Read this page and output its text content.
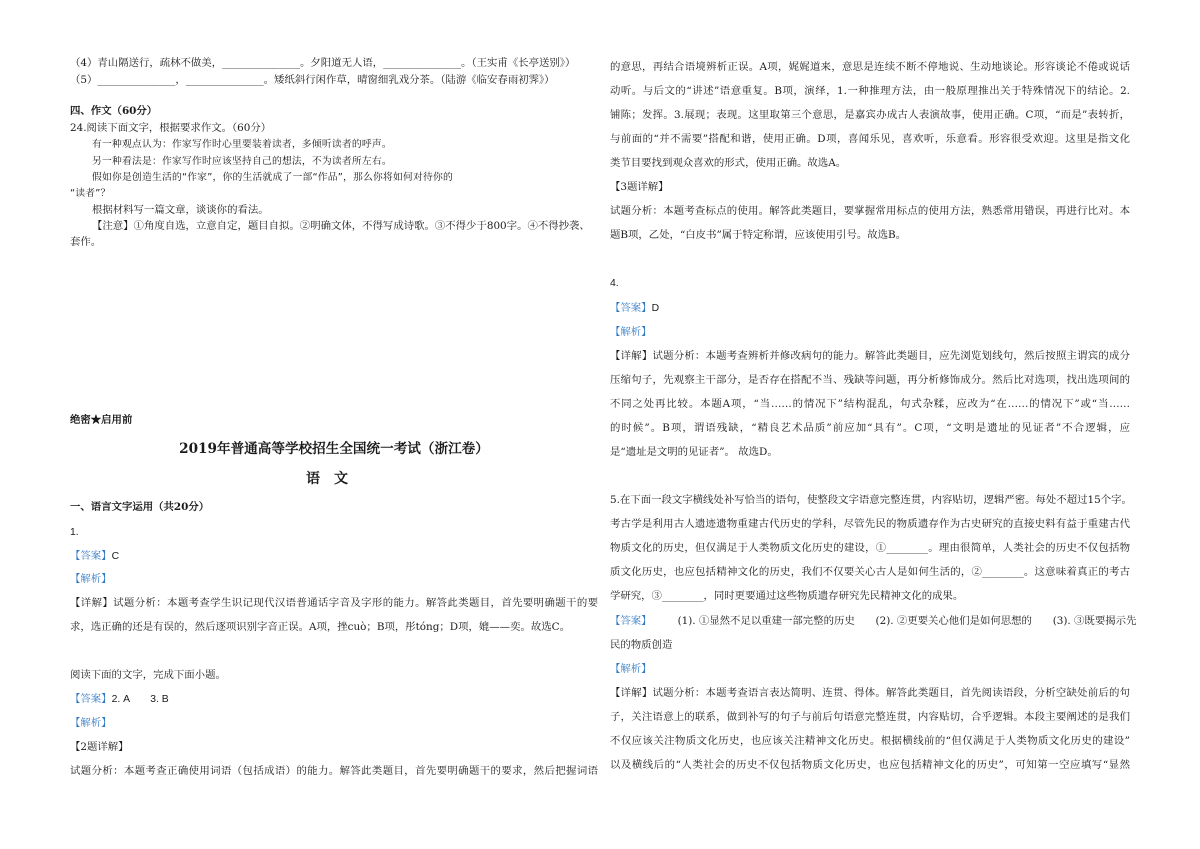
（4）青山隔送行，疏林不做美，_______________。夕阳道无人语，_______________。（王实甫《长亭送别》）
（5）_______________，_______________。矮纸斜行闲作草，晴窗细乳戏分茶。（陆游《临安春雨初霁》）
四、作文（60分）
24.阅读下面文字，根据要求作文。（60分）
有一种观点认为：作家写作时心里要装着读者，多倾听读者的呼声。
另一种看法是：作家写作时应该坚持自己的想法，不为读者所左右。
假如你是创造生活的“作家”，你的生活就成了一部“作品”，那么你将如何对待你的
“读者”？
根据材料写一篇文章，谈谈你的看法。
【注意】①角度自选，立意自定，题目自拟。②明确文体，不得写成诗歌。③不得少于800字。④不得抄袭、
套作。
绝密★启用前
2019年普通高等学校招生全国统一考试（浙江卷）
语文
一、语言文字运用（共20分）
1.
【答案】C
【解析】
【详解】试题分析：本题考查学生识记现代汉语普通话字音及字形的能力。解答此类题目，首先要明确题干的要
求，选正确的还是有误的，然后逐项识别字音正误。A项，挫cuò；B项，彤tóng；D项，媲——奕。故选C。
阅读下面的文字，完成下面小题。
【答案】2. A　　3. B
【解析】
【2题详解】
试题分析：本题考查正确使用词语（包括成语）的能力。解答此类题目，首先要明确题干的要求，然后把握词语
的意思，再结合语境辨析正误。A项，娓娓道来，意思是连续不断不停地说、生动地谈论。形容谈论不倦或说话
动听。与后文的“讲述”语意重复。B项，演绎，1.一种推理方法，由一般原理推出关于特殊情况下的结论。2.
铺陈；发挥。3.展现；表现。这里取第三个意思，是嘉宾办成古人表演故事，使用正确。C项，“而是”表转折，
与前面的“并不需要”搭配和谐，使用正确。D项，喜闻乐见，喜欢听，乐意看。形容很受欢迎。这里是指文化
类节目要找到观众喜欢的形式，使用正确。故选A。
【3题详解】
试题分析：本题考查标点的使用。解答此类题目，要掌握常用标点的使用方法，熟悉常用错误，再进行比对。本
题B项，乙处，“白皮书”属于特定称谓，应该使用引号。故选B。
4.
【答案】D
【解析】
【详解】试题分析：本题考查辨析并修改病句的能力。解答此类题目，应先浏览划线句，然后按照主谓宾的成分
压缩句子，先观察主干部分，是否存在搭配不当、残缺等问题，再分析修饰成分。然后比对选项，找出选项间的
不同之处再比较。本题A项，“当……的情况下”结构混乱，句式杂糅，应改为“在……的情况下”或“当……
的时候”。B项，谓语残缺，“精良艺术品质”前应加“具有”。C项，“文明是遗址的见证者”不合逻辑，应
是“遗址是文明的见证者”。 故选D。
5.在下面一段文字横线处补写恰当的语句，使整段文字语意完整连贯，内容贴切，逻辑严密。每处不超过15个字。
考古学是利用古人遗迹遗物重建古代历史的学科，尽管先民的物质遗存作为古史研究的直接史料有益于重建古代
物质文化的历史，但仅满足于人类物质文化历史的建设，①________。理由很简单，人类社会的历史不仅包括物
质文化历史，也应包括精神文化的历史，我们不仅要关心古人是如何生活的，②________。这意味着真正的考古
学研究，③________，同时更要通过这些物质遗存研究先民精神文化的成果。
【答案】	(1). ①显然不足以重建一部完整的历史　　(2). ②更要关心他们是如何思想的　　(3). ③既要揭示先
民的物质创造
【解析】
【详解】试题分析：本题考查语言表达简明、连贯、得体。解答此类题目，首先阅读语段，分析空缺处前后的句
子，关注语意上的联系，做到补写的句子与前后句语意完整连贯，内容贴切，合乎逻辑。本段主要阐述的是我们
不仅应该关注物质文化历史，也应该关注精神文化历史。根据横线前的“但仅满足于人类物质文化历史的建设”
以及横线后的“人类社会的历史不仅包括物质文化历史，也应包括精神文化的历史”，可知第一空应填写“显然
